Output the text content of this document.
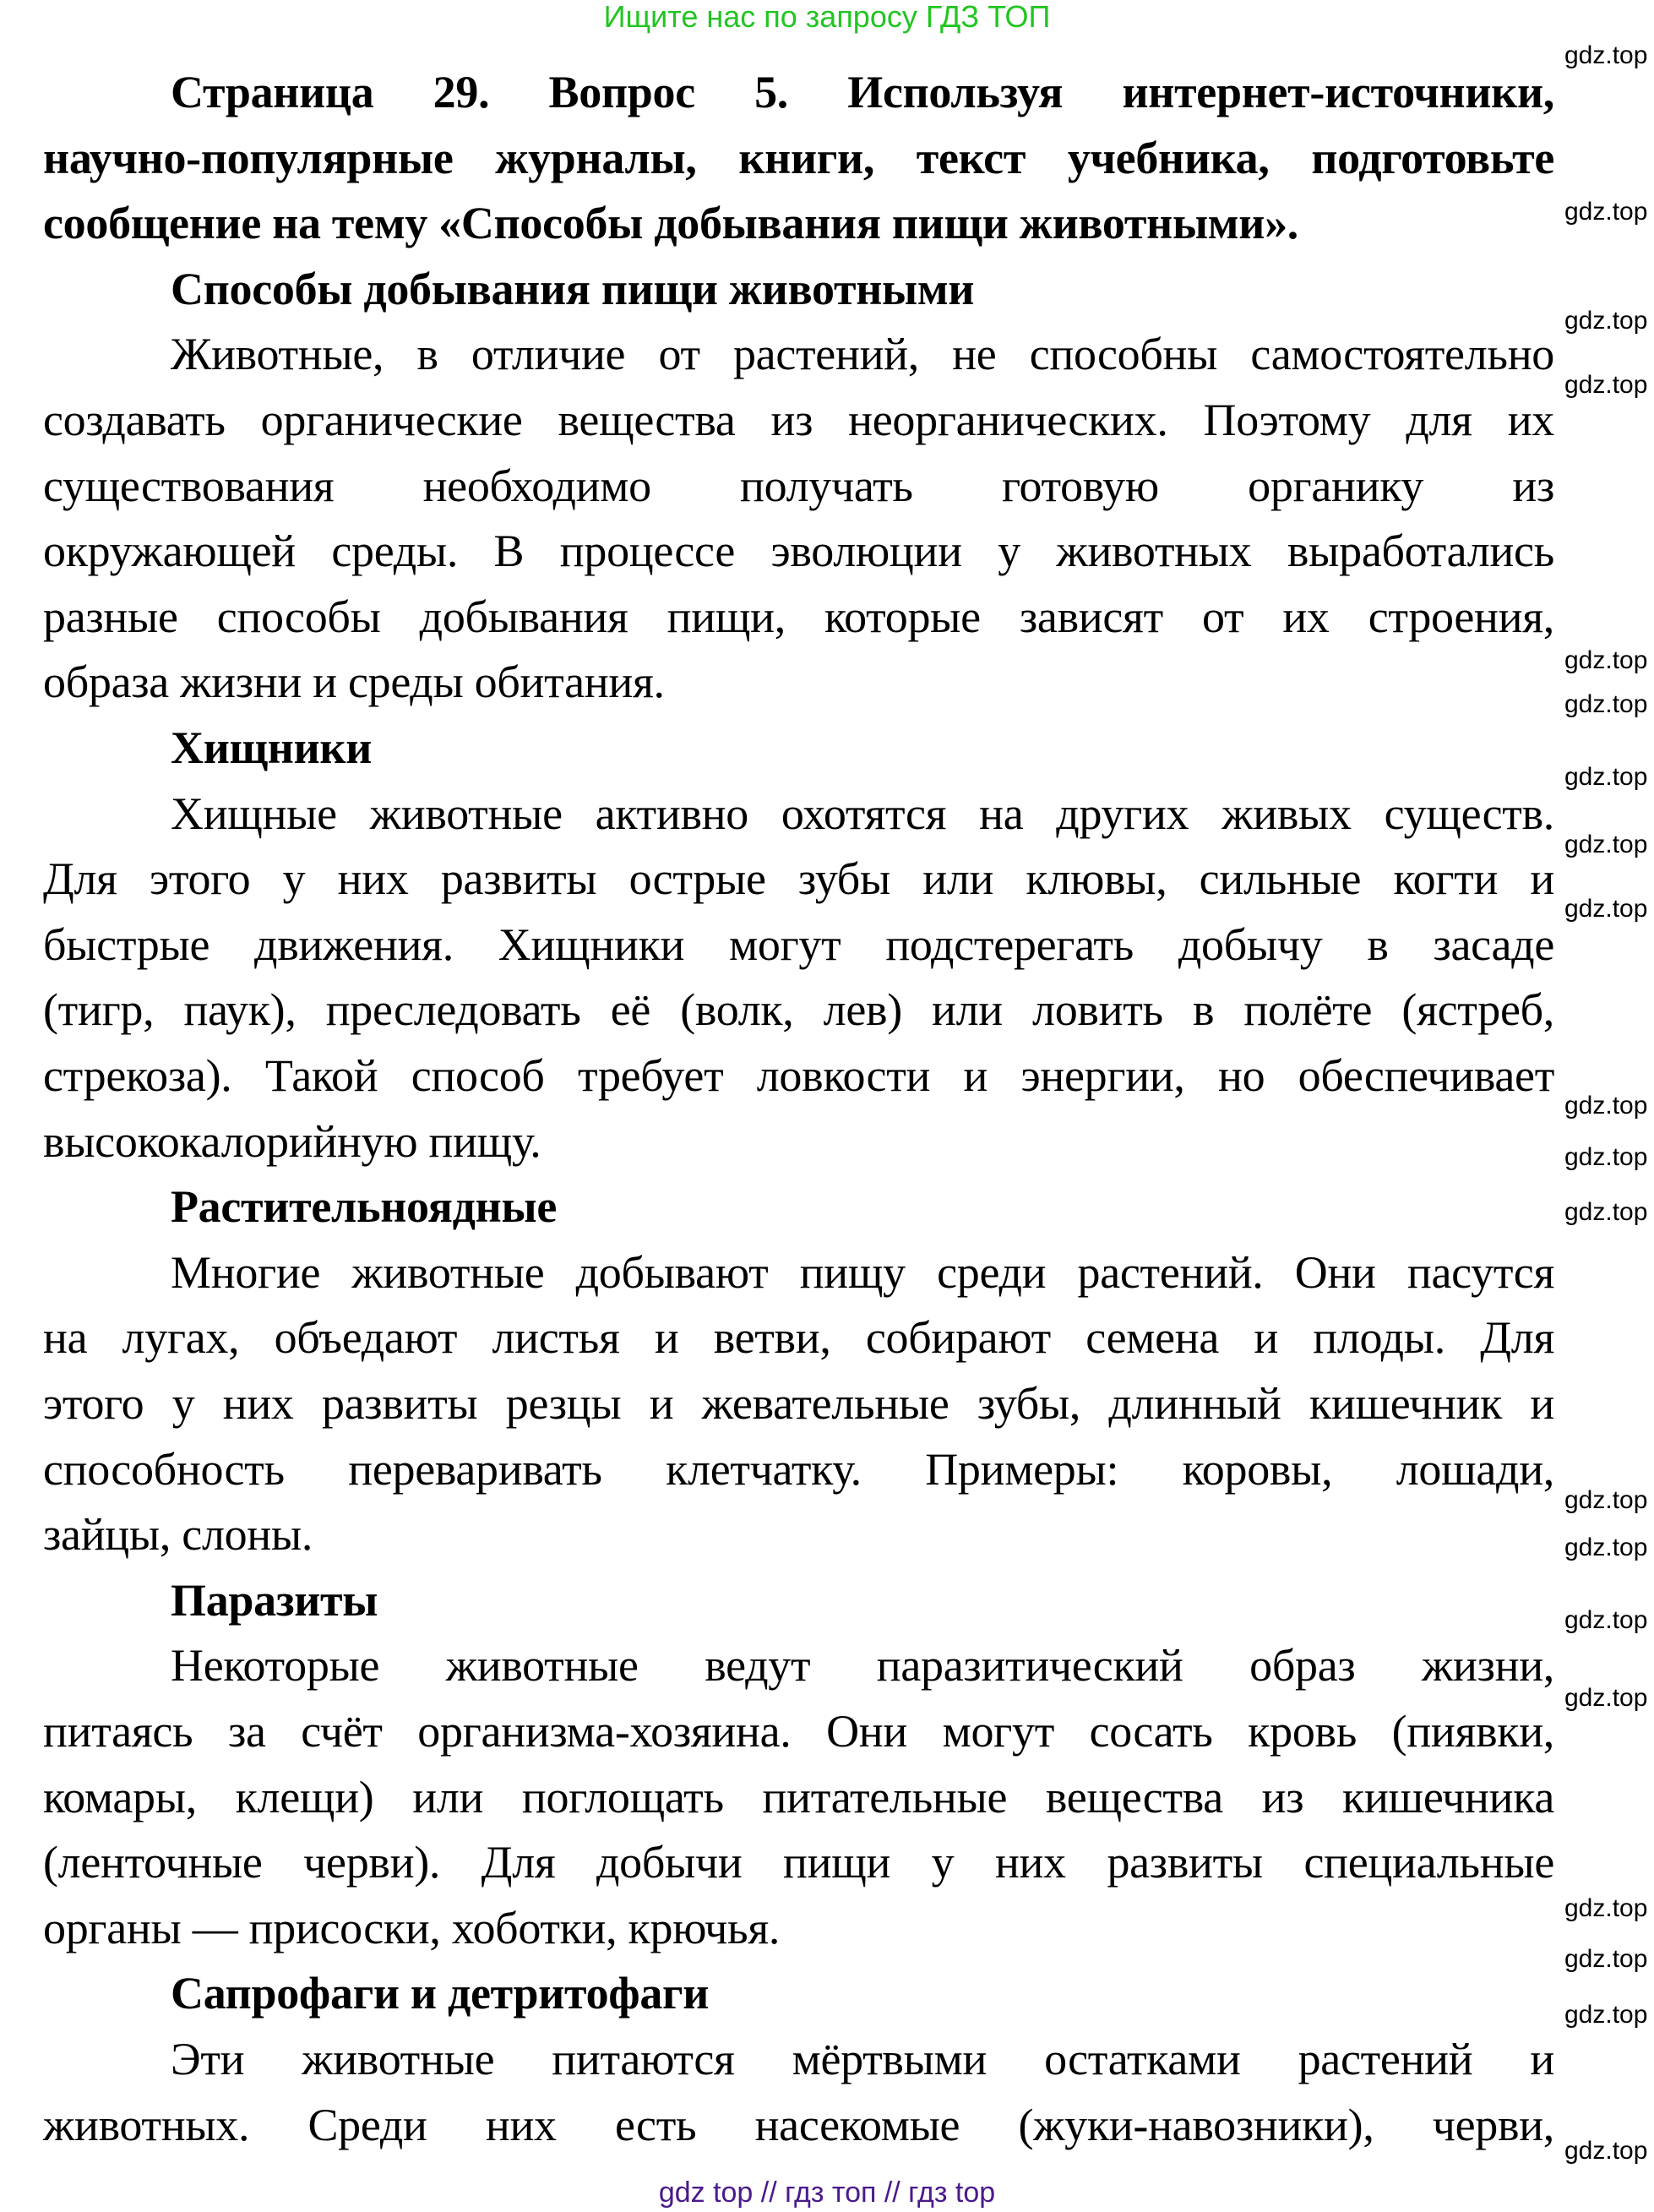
Ищите нас по запросу ГДЗ ТОП
Страница 29. Вопрос 5. Используя интернет-источники,
научно-популярные журналы, книги, текст учебника, подготовьте
сообщение на тему «Способы добывания пищи животными».
Способы добывания пищи животными
Животные, в отличие от растений, не способны самостоятельно
создавать органические вещества из неорганических. Поэтому для их
существования необходимо получать готовую органику из
окружающей среды. В процессе эволюции у животных выработались
разные способы добывания пищи, которые зависят от их строения,
образа жизни и среды обитания.
Хищники
Хищные животные активно охотятся на других живых существ.
Для этого у них развиты острые зубы или клювы, сильные когти и
быстрые движения. Хищники могут подстерегать добычу в засаде
(тигр, паук), преследовать её (волк, лев) или ловить в полёте (ястреб,
стрекоза). Такой способ требует ловкости и энергии, но обеспечивает
высококалорийную пищу.
Растительноядные
Многие животные добывают пищу среди растений. Они пасутся
на лугах, объедают листья и ветви, собирают семена и плоды. Для
этого у них развиты резцы и жевательные зубы, длинный кишечник и
способность переваривать клетчатку. Примеры: коровы, лошади,
зайцы, слоны.
Паразиты
Некоторые животные ведут паразитический образ жизни,
питаясь за счёт организма-хозяина. Они могут сосать кровь (пиявки,
комары, клещи) или поглощать питательные вещества из кишечника
(ленточные черви). Для добычи пищи у них развиты специальные
органы — присоски, хоботки, крючья.
Сапрофаги и детритофаги
Эти животные питаются мёртвыми остатками растений и
животных. Среди них есть насекомые (жуки-навозники), черви,
gdz.top
gdz.top
gdz.top
gdz.top
gdz.top
gdz.top
gdz.top
gdz.top
gdz.top
gdz.top
gdz.top
gdz.top
gdz.top
gdz.top
gdz.top
gdz.top
gdz.top
gdz.top
gdz.top
gdz.top
gdz top // гдз топ // гдз top
